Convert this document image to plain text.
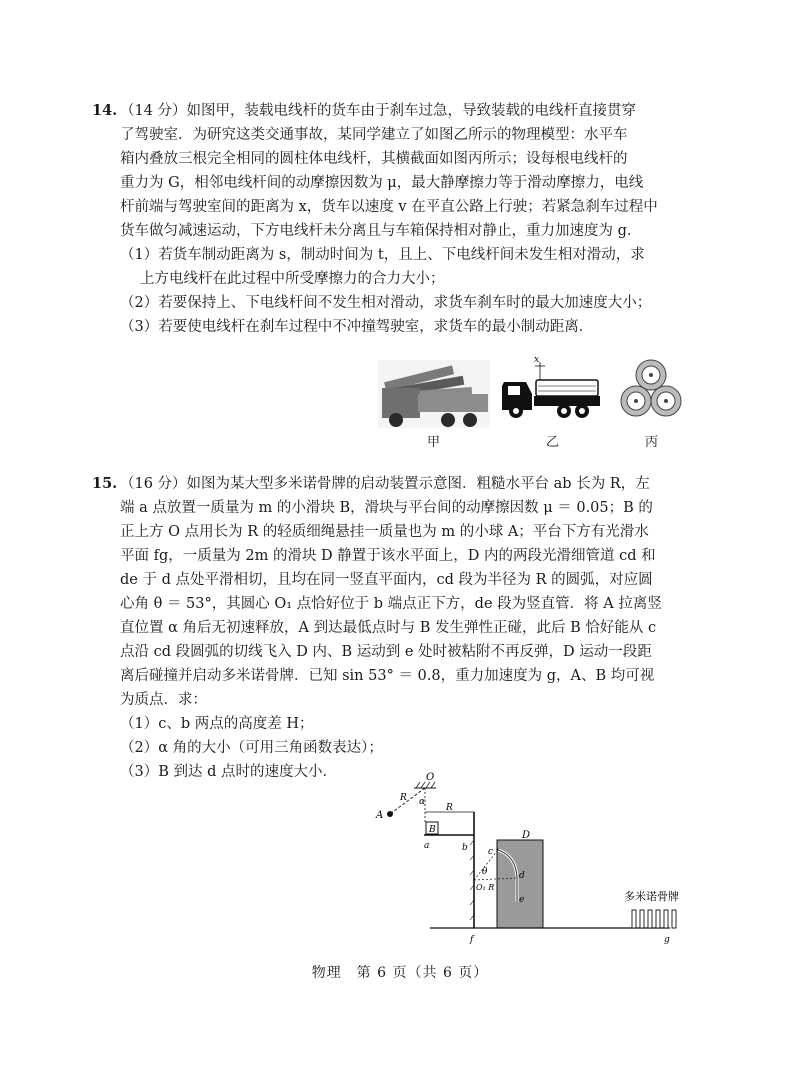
14. （14 分）如图甲，装载电线杆的货车由于刹车过急，导致装载的电线杆直接贯穿

了驾驶室．为研究这类交通事故，某同学建立了如图乙所示的物理模型：水平车

箱内叠放三根完全相同的圆柱体电线杆，其横截面如图丙所示；设每根电线杆的

重力为 G，相邻电线杆间的动摩擦因数为 μ，最大静摩擦力等于滑动摩擦力，电线

杆前端与驾驶室间的距离为 x，货车以速度 v 在平直公路上行驶；若紧急刹车过程中

货车做匀减速运动，下方电线杆未分离且与车箱保持相对静止，重力加速度为 g．

（1）若货车制动距离为 s，制动时间为 t，且上、下电线杆间未发生相对滑动，求

上方电线杆在此过程中所受摩擦力的合力大小；

（2）若要保持上、下电线杆间不发生相对滑动，求货车刹车时的最大加速度大小；

（3）若要使电线杆在刹车过程中不冲撞驾驶室，求货车的最小制动距离．

x
甲	乙	丙

15. （16 分）如图为某大型多米诺骨牌的启动装置示意图．粗糙水平台 ab 长为 R，左

端 a 点放置一质量为 m 的小滑块 B，滑块与平台间的动摩擦因数 μ ＝ 0.05；B 的

正上方 O 点用长为 R 的轻质细绳悬挂一质量也为 m 的小球 A；平台下方有光滑水

平面 fg，一质量为 2m 的滑块 D 静置于该水平面上，D 内的两段光滑细管道 cd 和

de 于 d 点处平滑相切，且均在同一竖直平面内，cd 段为半径为 R 的圆弧，对应圆

心角 θ ＝ 53°，其圆心 O₁ 点恰好位于 b 端点正下方，de 段为竖直管．将 A 拉离竖

直位置 α 角后无初速释放，A 到达最低点时与 B 发生弹性正碰，此后 B 恰好能从 c

点沿 cd 段圆弧的切线飞入 D 内、B 运动到 e 处时被粘附不再反弹，D 运动一段距

离后碰撞并启动多米诺骨牌．已知 sin 53° ＝ 0.8，重力加速度为 g，A、B 均可视

为质点．求：

（1）c、b 两点的高度差 H；

（2）α 角的大小（可用三角函数表达）；

（3）B 到达 d 点时的速度大小．	O
A
R α
R
B
a	b
D
c
d
e
θ
O₁ R
f	g
多米诺骨牌
物理　第 6 页（共 6 页）
